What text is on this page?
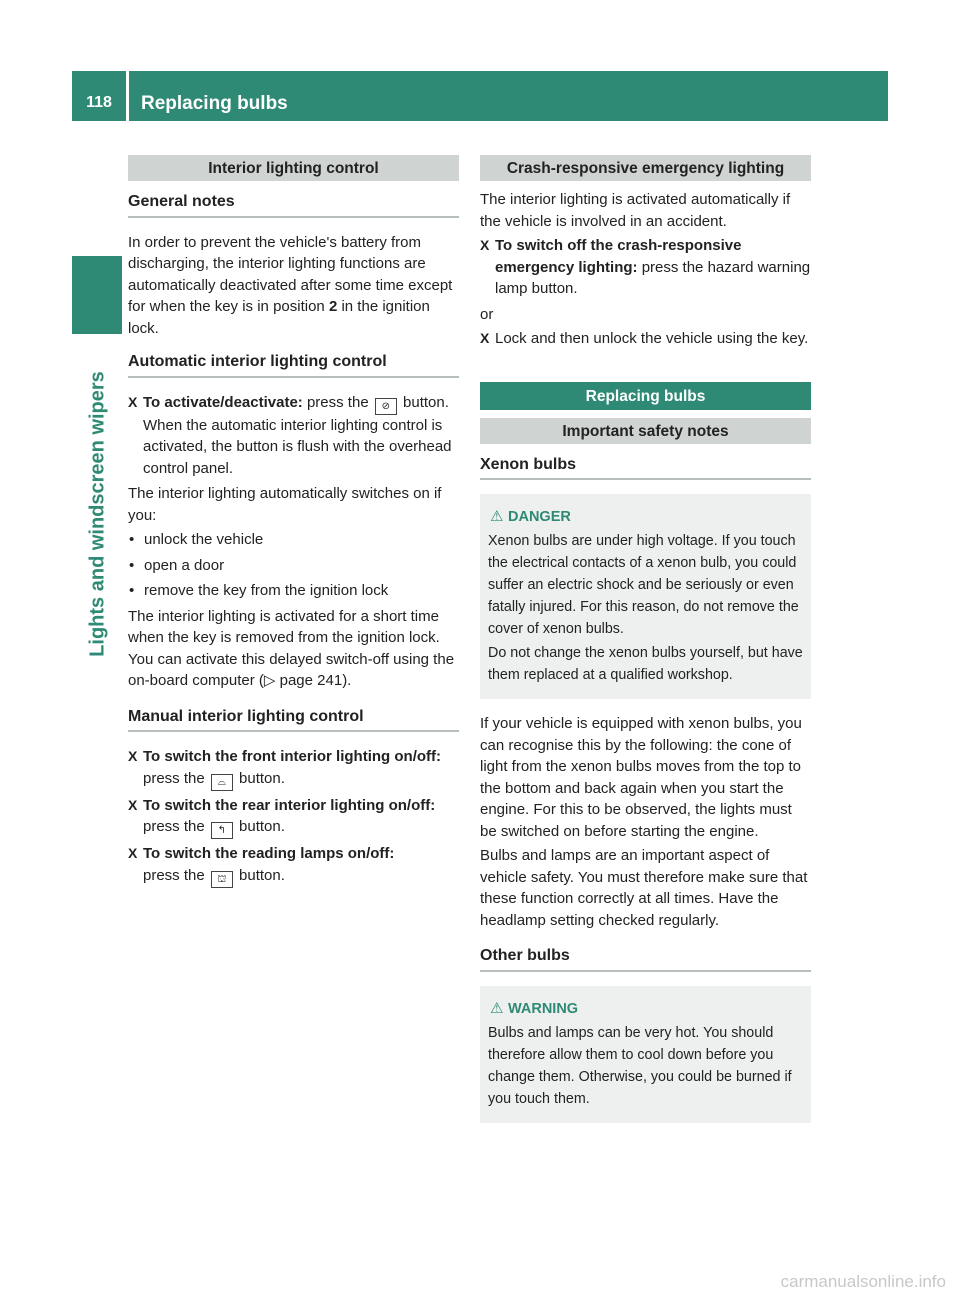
118	Replacing bulbs
Lights and windscreen wipers
Interior lighting control
General notes

In order to prevent the vehicle's battery from discharging, the interior lighting functions are automatically deactivated after some time except for when the key is in position 2 in the ignition lock.

Automatic interior lighting control
X To activate/deactivate: press the ⊘ button.
When the automatic interior lighting control is activated, the button is flush with the overhead control panel.

The interior lighting automatically switches on if you:

• unlock the vehicle
• open a door
• remove the key from the ignition lock

The interior lighting is activated for a short time when the key is removed from the ignition lock. You can activate this delayed switch-off using the on-board computer (▷ page 241).

Manual interior lighting control
X To switch the front interior lighting on/off: press the ⌓ button.
X To switch the rear interior lighting on/off: press the ↰ button.
X To switch the reading lamps on/off:
press the ⛫ button.
Crash-responsive emergency lighting

The interior lighting is activated automatically if the vehicle is involved in an accident.

X To switch off the crash-responsive emergency lighting: press the hazard warning lamp button.

or

X Lock and then unlock the vehicle using the key.
Replacing bulbs
Important safety notes
Xenon bulbs
⚠ DANGER

Xenon bulbs are under high voltage. If you touch the electrical contacts of a xenon bulb, you could suffer an electric shock and be seriously or even fatally injured. For this reason, do not remove the cover of xenon bulbs.

Do not change the xenon bulbs yourself, but have them replaced at a qualified workshop.

If your vehicle is equipped with xenon bulbs, you can recognise this by the following: the cone of light from the xenon bulbs moves from the top to the bottom and back again when you start the engine. For this to be observed, the lights must be switched on before starting the engine.

Bulbs and lamps are an important aspect of vehicle safety. You must therefore make sure that these function correctly at all times. Have the headlamp setting checked regularly.

Other bulbs
⚠ WARNING

Bulbs and lamps can be very hot. You should therefore allow them to cool down before you change them. Otherwise, you could be burned if you touch them.

carmanualsonline.info
